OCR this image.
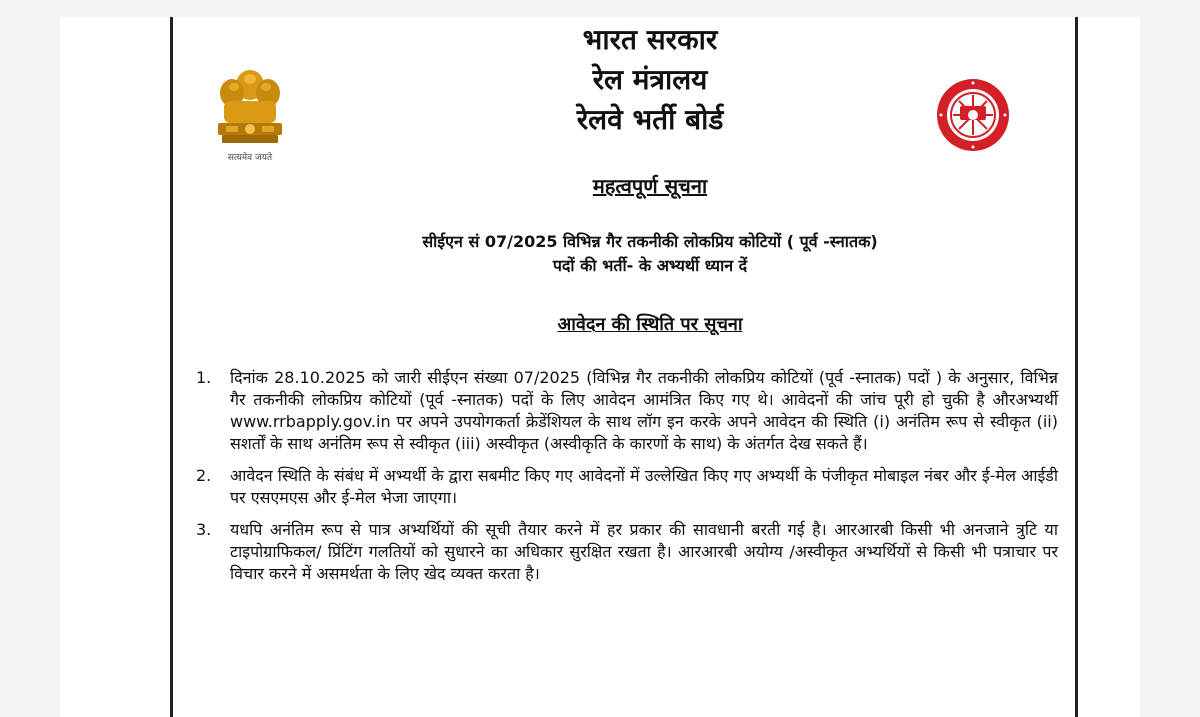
सत्यमेव जयते
भारत सरकार
रेल मंत्रालय
रेलवे भर्ती बोर्ड
महत्वपूर्ण सूचना
सीईएन सं 07/2025 विभिन्न गैर तकनीकी लोकप्रिय कोटियों ( पूर्व -स्नातक)
पदों की भर्ती- के अभ्यर्थी ध्यान दें
आवेदन की स्थिति पर सूचना
1.	दिनांक 28.10.2025 को जारी सीईएन संख्या 07/2025 (विभिन्न गैर तकनीकी लोकप्रिय कोटियों (पूर्व -स्नातक) पदों ) के अनुसार, विभिन्न गैर तकनीकी लोकप्रिय कोटियों (पूर्व -स्नातक) पदों के लिए आवेदन आमंत्रित किए गए थे। आवेदनों की जांच पूरी हो चुकी है औरअभ्यर्थी www.rrbapply.gov.in पर अपने उपयोगकर्ता क्रेडेंशियल के साथ लॉग इन करके अपने आवेदन की स्थिति (i) अनंतिम रूप से स्वीकृत (ii) सशर्तों के साथ अनंतिम रूप से स्वीकृत (iii) अस्वीकृत (अस्वीकृति के कारणों के साथ) के अंतर्गत देख सकते हैं।
2.	आवेदन स्थिति के संबंध में अभ्यर्थी के द्वारा सबमीट किए गए आवेदनों में उल्लेखित किए गए अभ्यर्थी के पंजीकृत मोबाइल नंबर और ई-मेल आईडी पर एसएमएस और ई-मेल भेजा जाएगा।
3.	यधपि अनंतिम रूप से पात्र अभ्यर्थियों की सूची तैयार करने में हर प्रकार की सावधानी बरती गई है। आरआरबी किसी भी अनजाने त्रुटि या टाइपोग्राफिकल/ प्रिंटिंग गलतियों को सुधारने का अधिकार सुरक्षित रखता है। आरआरबी अयोग्य /अस्वीकृत अभ्यर्थियों से किसी भी पत्राचार पर विचार करने में असमर्थता के लिए खेद व्यक्त करता है।
